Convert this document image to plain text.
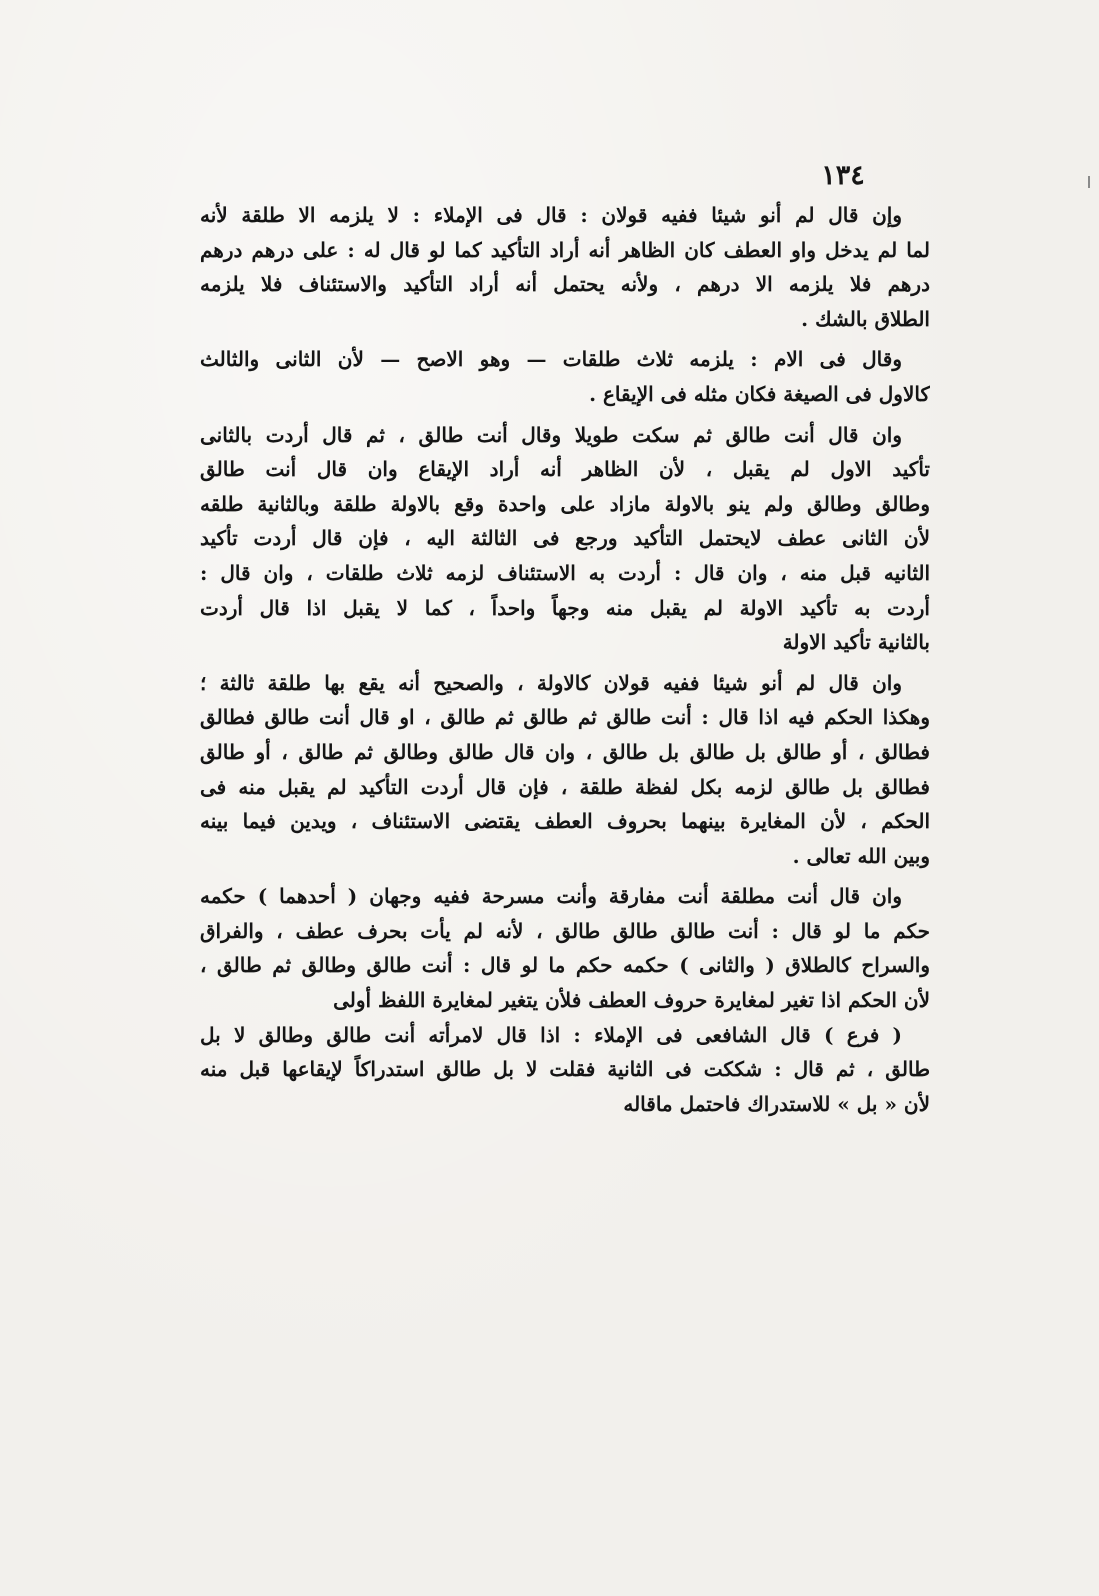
١٣٤
وإن قال لم أنو شيئا ففيه قولان : قال فى الإملاء : لا يلزمه الا طلقة لأنه
لما لم يدخل واو العطف كان الظاهر أنه أراد التأكيد كما لو قال له : على درهم درهم
درهم فلا يلزمه الا درهم ، ولأنه يحتمل أنه أراد التأكيد والاستئناف فلا يلزمه
الطلاق بالشك .
وقال فى الام : يلزمه ثلاث طلقات — وهو الاصح — لأن الثانى والثالث
كالاول فى الصيغة فكان مثله فى الإيقاع .
وان قال أنت طالق ثم سكت طويلا وقال أنت طالق ، ثم قال أردت بالثانى
تأكيد الاول لم يقبل ، لأن الظاهر أنه أراد الإيقاع وان قال أنت طالق
وطالق وطالق ولم ينو بالاولة مازاد على واحدة وقع بالاولة طلقة وبالثانية طلقه
لأن الثانى عطف لايحتمل التأكيد ورجع فى الثالثة اليه ، فإن قال أردت تأكيد
الثانيه قبل منه ، وان قال : أردت به الاستئناف لزمه ثلاث طلقات ، وان قال :
أردت به تأكيد الاولة لم يقبل منه وجهاً واحداً ، كما لا يقبل اذا قال أردت
بالثانية تأكيد الاولة
وان قال لم أنو شيئا ففيه قولان كالاولة ، والصحيح أنه يقع بها طلقة ثالثة ؛
وهكذا الحكم فيه اذا قال : أنت طالق ثم طالق ثم طالق ، او قال أنت طالق فطالق
فطالق ، أو طالق بل طالق بل طالق ، وان قال طالق وطالق ثم طالق ، أو طالق
فطالق بل طالق لزمه بكل لفظة طلقة ، فإن قال أردت التأكيد لم يقبل منه فى
الحكم ، لأن المغايرة بينهما بحروف العطف يقتضى الاستئناف ، ويدين فيما بينه
وبين الله تعالى .
وان قال أنت مطلقة أنت مفارقة وأنت مسرحة ففيه وجهان ( أحدهما ) حكمه
حكم ما لو قال : أنت طالق طالق طالق ، لأنه لم يأت بحرف عطف ، والفراق
والسراح كالطلاق ( والثانى ) حكمه حكم ما لو قال : أنت طالق وطالق ثم طالق ،
لأن الحكم اذا تغير لمغايرة حروف العطف فلأن يتغير لمغايرة اللفظ أولى
( فرع ) قال الشافعى فى الإملاء : اذا قال لامرأته أنت طالق وطالق لا بل
طالق ، ثم قال : شككت فى الثانية فقلت لا بل طالق استدراكاً لإيقاعها قبل منه
لأن « بل » للاستدراك فاحتمل ماقاله
